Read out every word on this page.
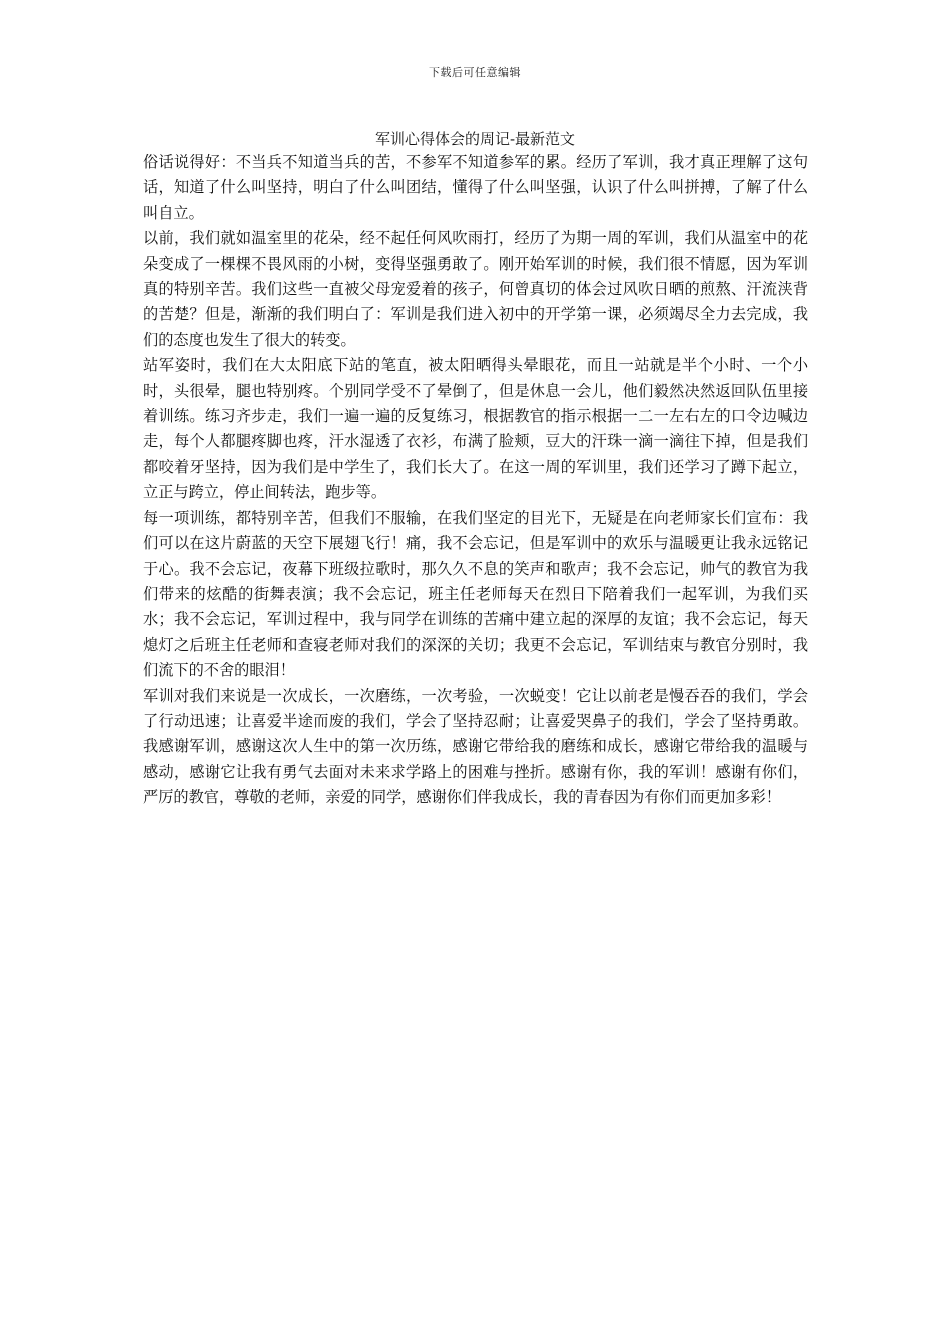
下载后可任意编辑
军训心得体会的周记-最新范文

俗话说得好：不当兵不知道当兵的苦，不参军不知道参军的累。经历了军训，我才真正理解了这句话，知道了什么叫坚持，明白了什么叫团结，懂得了什么叫坚强，认识了什么叫拼搏，了解了什么叫自立。

以前，我们就如温室里的花朵，经不起任何风吹雨打，经历了为期一周的军训，我们从温室中的花朵变成了一棵棵不畏风雨的小树，变得坚强勇敢了。刚开始军训的时候，我们很不情愿，因为军训真的特别辛苦。我们这些一直被父母宠爱着的孩子，何曾真切的体会过风吹日晒的煎熬、汗流浃背的苦楚？但是，渐渐的我们明白了：军训是我们进入初中的开学第一课，必须竭尽全力去完成，我们的态度也发生了很大的转变。

站军姿时，我们在大太阳底下站的笔直，被太阳晒得头晕眼花，而且一站就是半个小时、一个小时，头很晕，腿也特别疼。个别同学受不了晕倒了，但是休息一会儿，他们毅然决然返回队伍里接着训练。练习齐步走，我们一遍一遍的反复练习，根据教官的指示根据一二一左右左的口令边喊边走，每个人都腿疼脚也疼，汗水湿透了衣衫，布满了脸颊，豆大的汗珠一滴一滴往下掉，但是我们都咬着牙坚持，因为我们是中学生了，我们长大了。在这一周的军训里，我们还学习了蹲下起立，立正与跨立，停止间转法，跑步等。

每一项训练，都特别辛苦，但我们不服输，在我们坚定的目光下，无疑是在向老师家长们宣布：我们可以在这片蔚蓝的天空下展翅飞行！痛，我不会忘记，但是军训中的欢乐与温暖更让我永远铭记于心。我不会忘记，夜幕下班级拉歌时，那久久不息的笑声和歌声；我不会忘记，帅气的教官为我们带来的炫酷的街舞表演；我不会忘记，班主任老师每天在烈日下陪着我们一起军训，为我们买水；我不会忘记，军训过程中，我与同学在训练的苦痛中建立起的深厚的友谊；我不会忘记，每天熄灯之后班主任老师和查寝老师对我们的深深的关切；我更不会忘记，军训结束与教官分别时，我们流下的不舍的眼泪！

军训对我们来说是一次成长，一次磨练，一次考验，一次蜕变！它让以前老是慢吞吞的我们，学会了行动迅速；让喜爱半途而废的我们，学会了坚持忍耐；让喜爱哭鼻子的我们，学会了坚持勇敢。我感谢军训，感谢这次人生中的第一次历练，感谢它带给我的磨练和成长，感谢它带给我的温暖与感动，感谢它让我有勇气去面对未来求学路上的困难与挫折。感谢有你，我的军训！感谢有你们，严厉的教官，尊敬的老师，亲爱的同学，感谢你们伴我成长，我的青春因为有你们而更加多彩！
